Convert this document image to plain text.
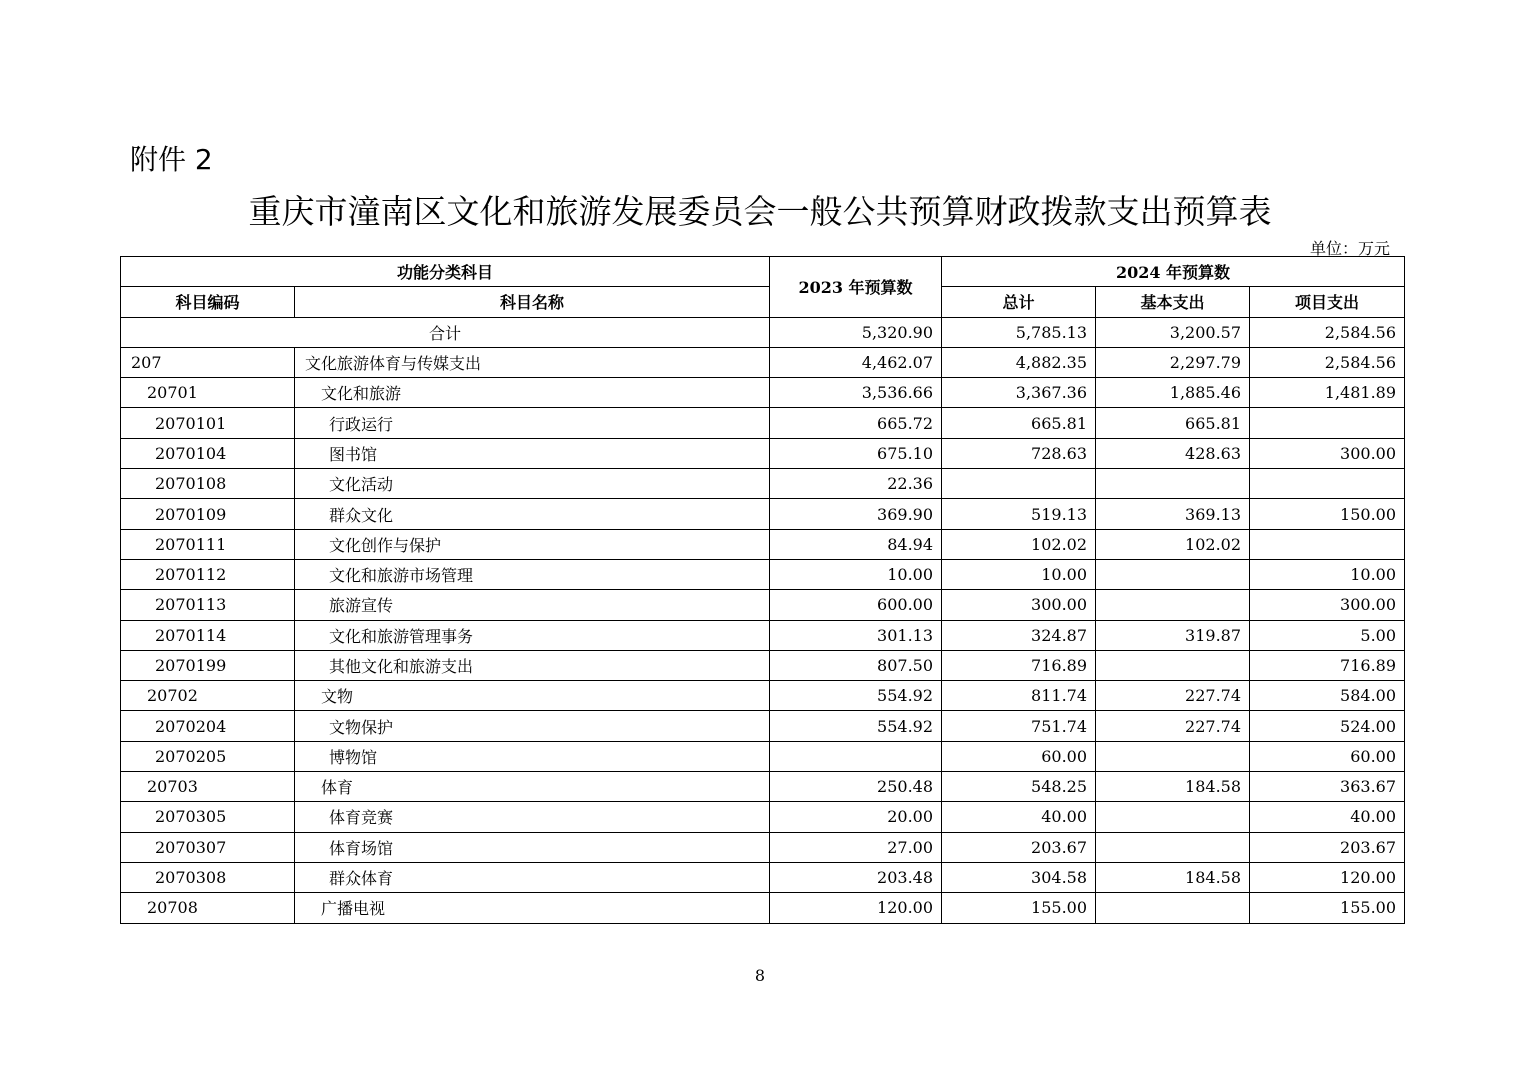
附件 2
重庆市潼南区文化和旅游发展委员会一般公共预算财政拨款支出预算表
单位：万元
功能分类科目		2023 年预算数	2024 年预算数		
科目编码	科目名称		总计	基本支出	项目支出
合计		5,320.90	5,785.13	3,200.57	2,584.56
207	文化旅游体育与传媒支出	4,462.07	4,882.35	2,297.79	2,584.56
20701	文化和旅游	3,536.66	3,367.36	1,885.46	1,481.89
2070101	行政运行	665.72	665.81	665.81	
2070104	图书馆	675.10	728.63	428.63	300.00
2070108	文化活动	22.36			
2070109	群众文化	369.90	519.13	369.13	150.00
2070111	文化创作与保护	84.94	102.02	102.02	
2070112	文化和旅游市场管理	10.00	10.00		10.00
2070113	旅游宣传	600.00	300.00		300.00
2070114	文化和旅游管理事务	301.13	324.87	319.87	5.00
2070199	其他文化和旅游支出	807.50	716.89		716.89
20702	文物	554.92	811.74	227.74	584.00
2070204	文物保护	554.92	751.74	227.74	524.00
2070205	博物馆		60.00		60.00
20703	体育	250.48	548.25	184.58	363.67
2070305	体育竞赛	20.00	40.00		40.00
2070307	体育场馆	27.00	203.67		203.67
2070308	群众体育	203.48	304.58	184.58	120.00
20708	广播电视	120.00	155.00		155.00
8
